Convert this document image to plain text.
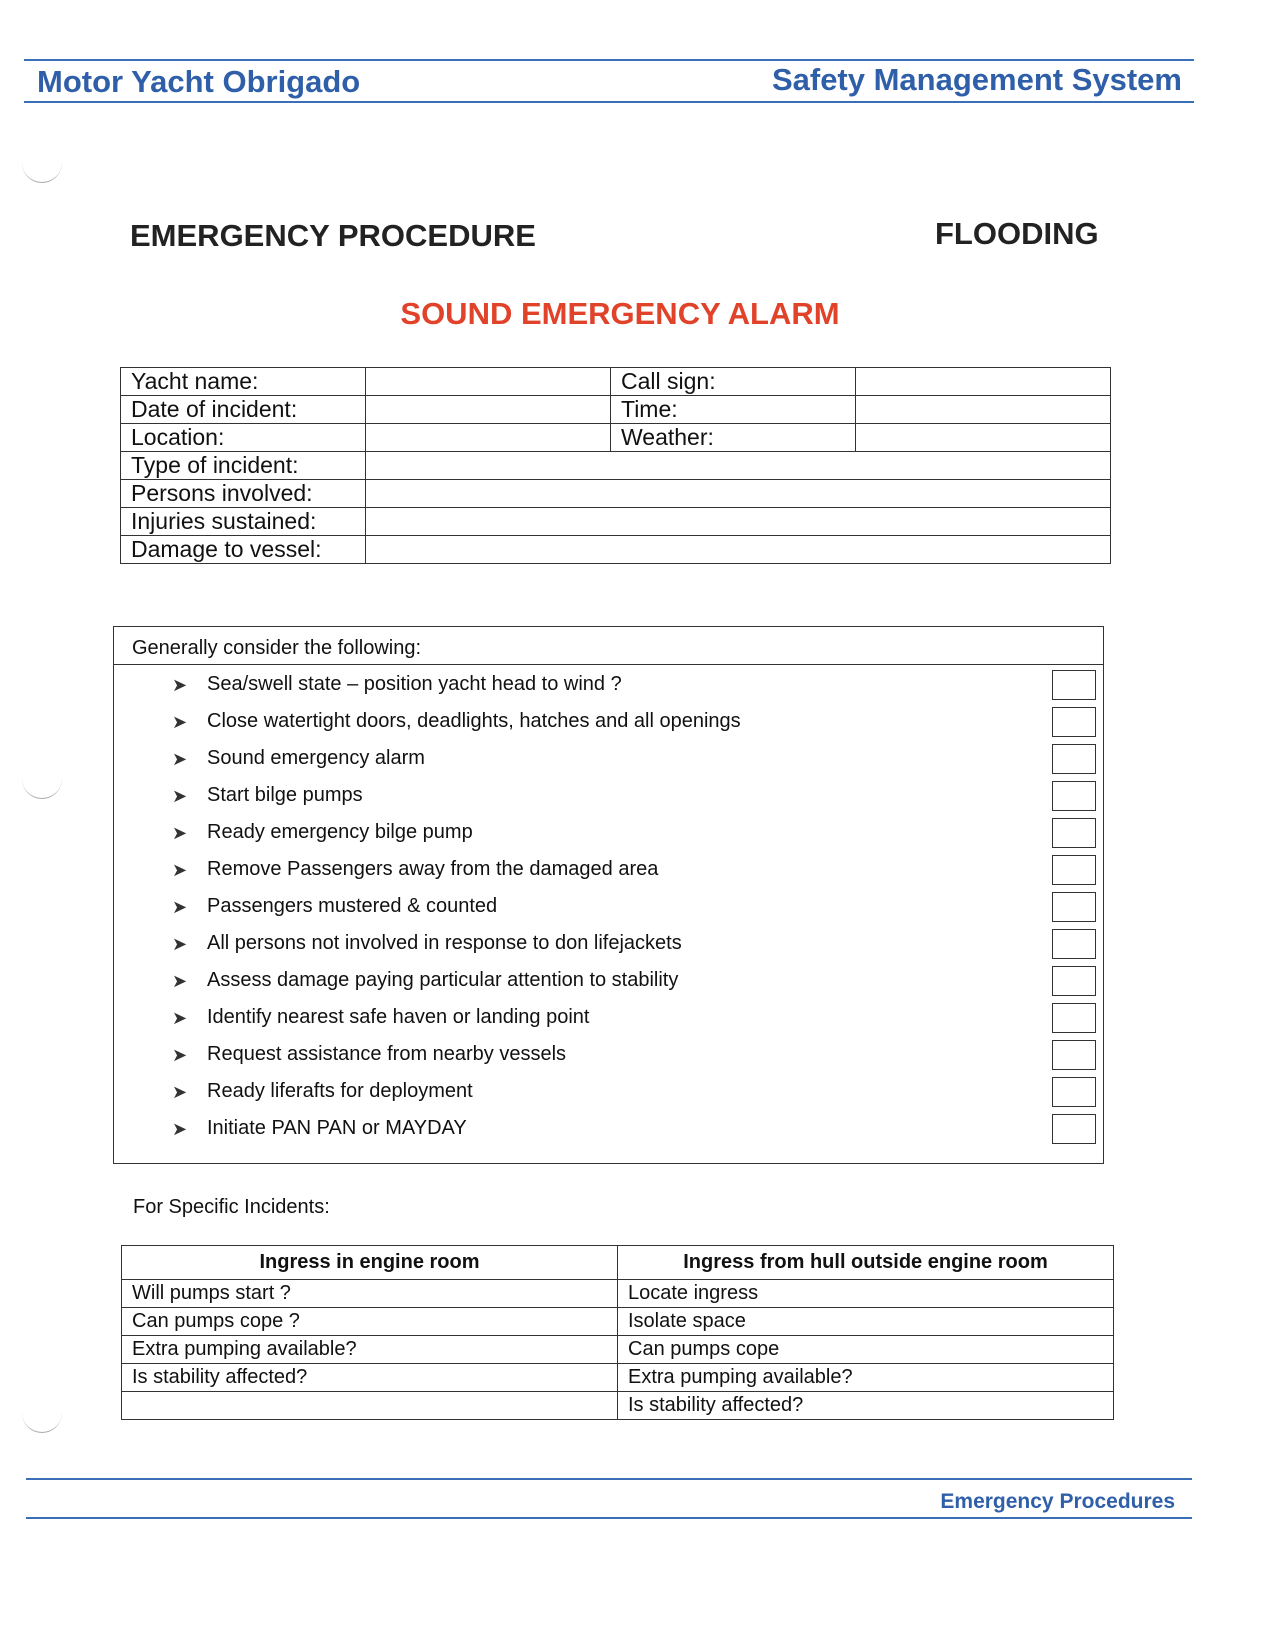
Motor Yacht Obrigado	Safety Management System
EMERGENCY PROCEDURE	FLOODING
SOUND EMERGENCY ALARM
Yacht name:		Call sign:	
Date of incident:		Time:	
Location:		Weather:	
Type of incident:			
Persons involved:			
Injuries sustained:			
Damage to vessel:			
Generally consider the following:
➤ Sea/swell state – position yacht head to wind ?
➤ Close watertight doors, deadlights, hatches and all openings
➤ Sound emergency alarm
➤ Start bilge pumps
➤ Ready emergency bilge pump
➤ Remove Passengers away from the damaged area
➤ Passengers mustered & counted
➤ All persons not involved in response to don lifejackets
➤ Assess damage paying particular attention to stability
➤ Identify nearest safe haven or landing point
➤ Request assistance from nearby vessels
➤ Ready liferafts for deployment
➤ Initiate PAN PAN or MAYDAY
For Specific Incidents:
Ingress in engine room	Ingress from hull outside engine room
Will pumps start ?	Locate ingress
Can pumps cope ?	Isolate space
Extra pumping available?	Can pumps cope
Is stability affected?	Extra pumping available?
	Is stability affected?
Emergency Procedures
